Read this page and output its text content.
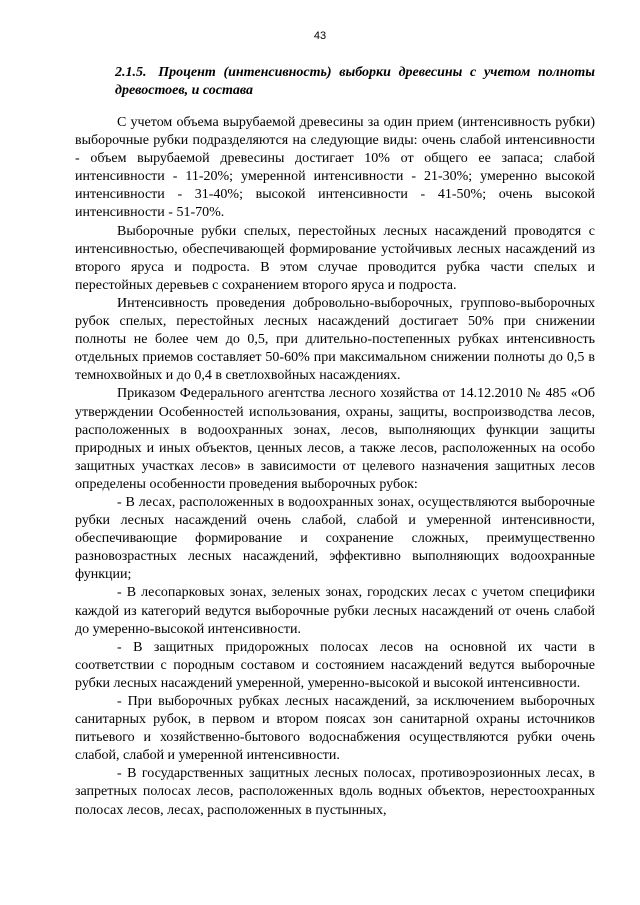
43
2.1.5. Процент (интенсивность) выборки древесины с учетом полноты древостоев, и состава

С учетом объема вырубаемой древесины за один прием (интенсивность рубки) выборочные рубки подразделяются на следующие виды: очень слабой интенсивности - объем вырубаемой древесины достигает 10% от общего ее запаса; слабой интенсивности - 11-20%; умеренной интенсивности - 21-30%; умеренно высокой интенсивности - 31-40%; высокой интенсивности - 41-50%; очень высокой интенсивности - 51-70%.

Выборочные рубки спелых, перестойных лесных насаждений проводятся с интенсивностью, обеспечивающей формирование устойчивых лесных насаждений из второго яруса и подроста. В этом случае проводится рубка части спелых и перестойных деревьев с сохранением второго яруса и подроста.

Интенсивность проведения добровольно-выборочных, группово-выборочных рубок спелых, перестойных лесных насаждений достигает 50% при снижении полноты не более чем до 0,5, при длительно-постепенных рубках интенсивность отдельных приемов составляет 50-60% при максимальном снижении полноты до 0,5 в темнохвойных и до 0,4 в светлохвойных насаждениях.

Приказом Федерального агентства лесного хозяйства от 14.12.2010 № 485 «Об утверждении Особенностей использования, охраны, защиты, воспроизводства лесов, расположенных в водоохранных зонах, лесов, выполняющих функции защиты природных и иных объектов, ценных лесов, а также лесов, расположенных на особо защитных участках лесов» в зависимости от целевого назначения защитных лесов определены особенности проведения выборочных рубок:

- В лесах, расположенных в водоохранных зонах, осуществляются выборочные рубки лесных насаждений очень слабой, слабой и умеренной интенсивности, обеспечивающие формирование и сохранение сложных, преимущественно разновозрастных лесных насаждений, эффективно выполняющих водоохранные функции;

- В лесопарковых зонах, зеленых зонах, городских лесах с учетом специфики каждой из категорий ведутся выборочные рубки лесных насаждений от очень слабой до умеренно-высокой интенсивности.

- В защитных придорожных полосах лесов на основной их части в соответствии с породным составом и состоянием насаждений ведутся выборочные рубки лесных насаждений умеренной, умеренно-высокой и высокой интенсивности.

- При выборочных рубках лесных насаждений, за исключением выборочных санитарных рубок, в первом и втором поясах зон санитарной охраны источников питьевого и хозяйственно-бытового водоснабжения осуществляются рубки очень слабой, слабой и умеренной интенсивности.

- В государственных защитных лесных полосах, противоэрозионных лесах, в запретных полосах лесов, расположенных вдоль водных объектов, нерестоохранных полосах лесов, лесах, расположенных в пустынных,
